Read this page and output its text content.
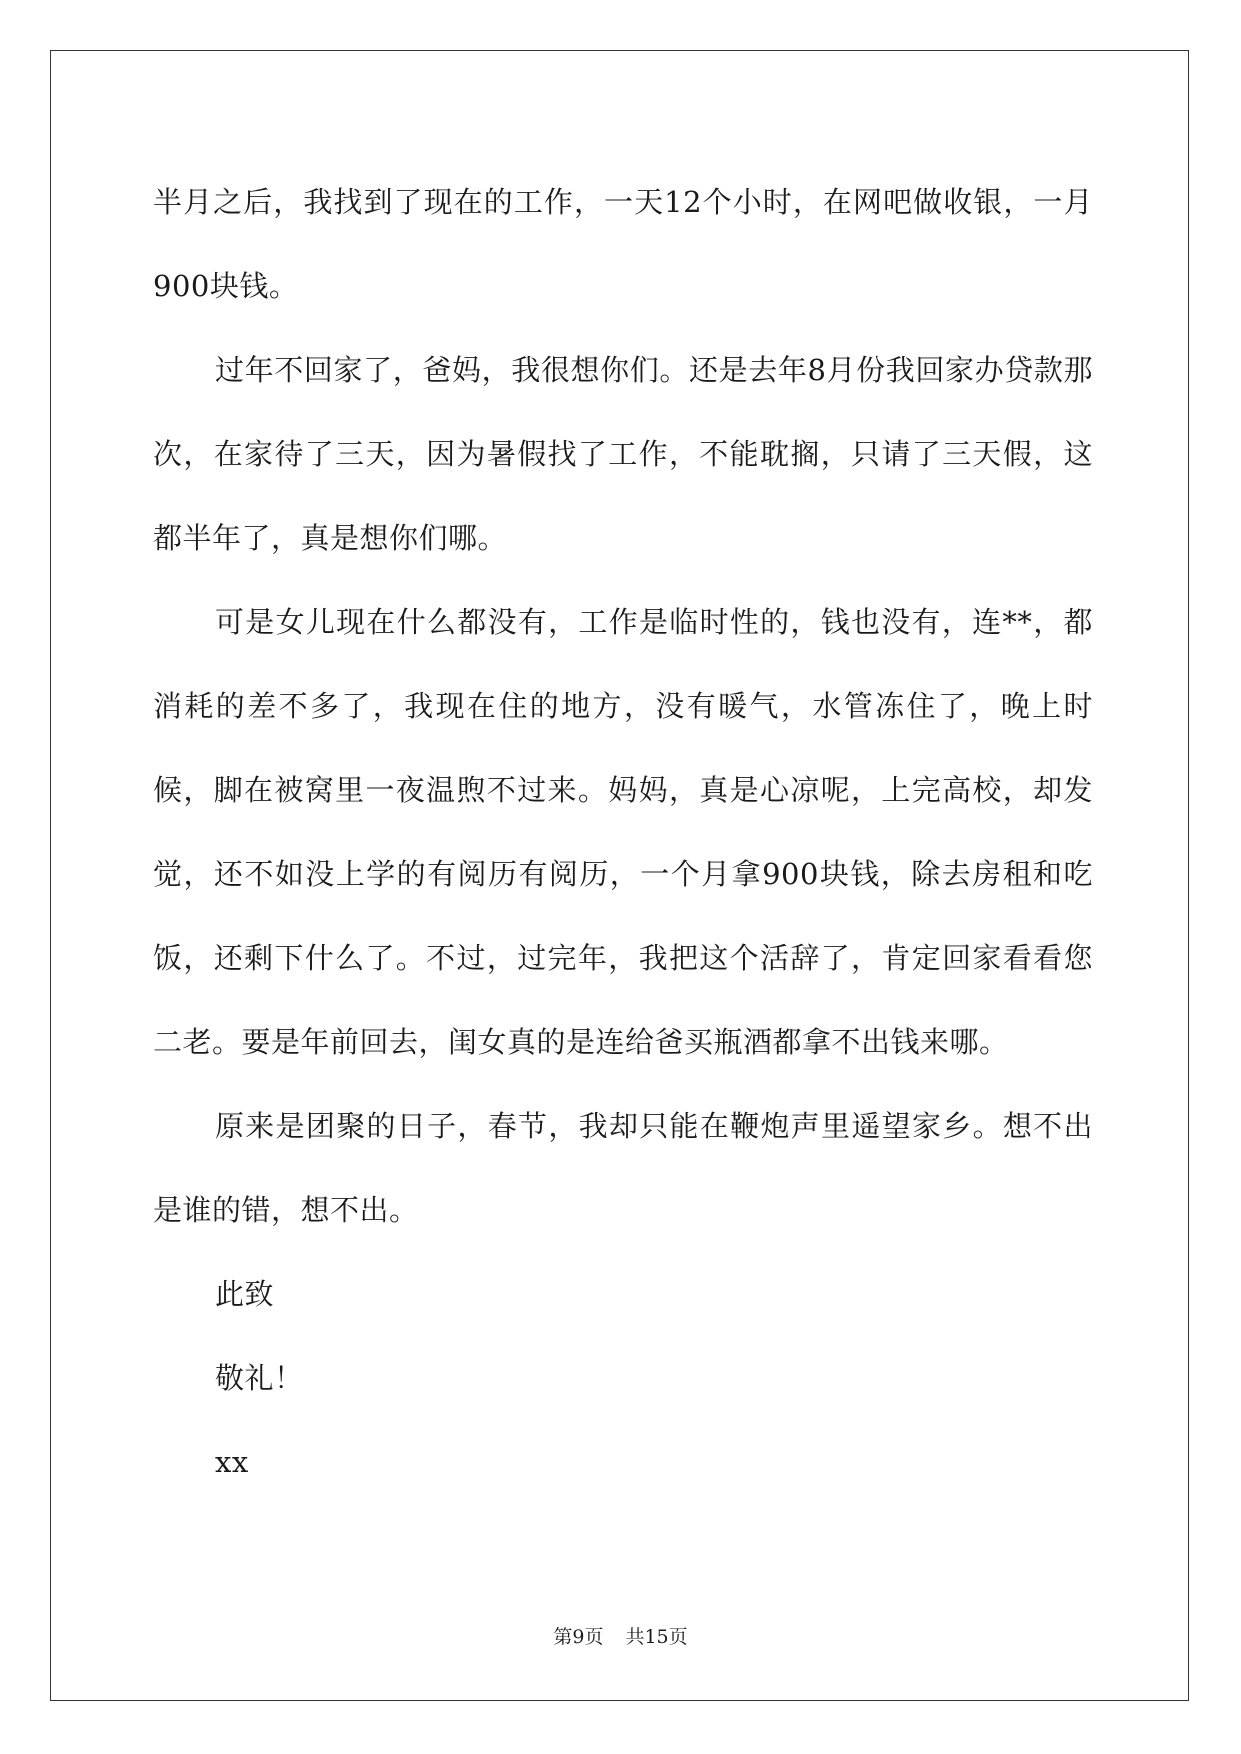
半月之后，我找到了现在的工作，一天12个小时，在网吧做收银，一月900块钱。

过年不回家了，爸妈，我很想你们。还是去年8月份我回家办贷款那次，在家待了三天，因为暑假找了工作，不能耽搁，只请了三天假，这都半年了，真是想你们哪。

可是女儿现在什么都没有，工作是临时性的，钱也没有，连**，都消耗的差不多了，我现在住的地方，没有暖气，水管冻住了，晚上时候，脚在被窝里一夜温煦不过来。妈妈，真是心凉呢，上完高校，却发觉，还不如没上学的有阅历有阅历，一个月拿900块钱，除去房租和吃饭，还剩下什么了。不过，过完年，我把这个活辞了，肯定回家看看您二老。要是年前回去，闺女真的是连给爸买瓶酒都拿不出钱来哪。

原来是团聚的日子，春节，我却只能在鞭炮声里遥望家乡。想不出是谁的错，想不出。

此致

敬礼！

xx

第9页 共15页
